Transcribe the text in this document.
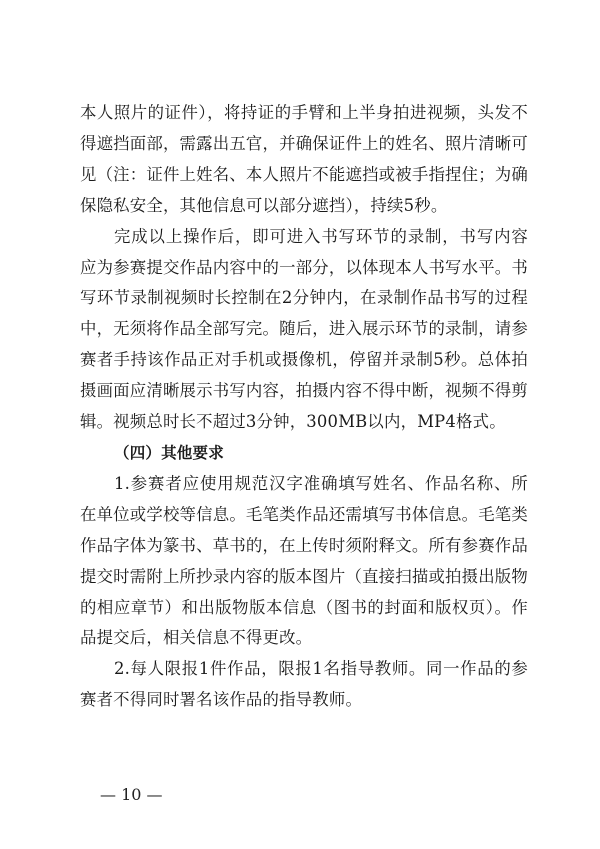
本人照片的证件），将持证的手臂和上半身拍进视频，头发不得遮挡面部，需露出五官，并确保证件上的姓名、照片清晰可见（注：证件上姓名、本人照片不能遮挡或被手指捏住；为确保隐私安全，其他信息可以部分遮挡），持续5秒。

完成以上操作后，即可进入书写环节的录制，书写内容应为参赛提交作品内容中的一部分，以体现本人书写水平。书写环节录制视频时长控制在2分钟内，在录制作品书写的过程中，无须将作品全部写完。随后，进入展示环节的录制，请参赛者手持该作品正对手机或摄像机，停留并录制5秒。总体拍摄画面应清晰展示书写内容，拍摄内容不得中断，视频不得剪辑。视频总时长不超过3分钟，300MB以内，MP4格式。

（四）其他要求

1.参赛者应使用规范汉字准确填写姓名、作品名称、所在单位或学校等信息。毛笔类作品还需填写书体信息。毛笔类作品字体为篆书、草书的，在上传时须附释文。所有参赛作品提交时需附上所抄录内容的版本图片（直接扫描或拍摄出版物的相应章节）和出版物版本信息（图书的封面和版权页）。作品提交后，相关信息不得更改。

2.每人限报1件作品，限报1名指导教师。同一作品的参赛者不得同时署名该作品的指导教师。

— 10 —
